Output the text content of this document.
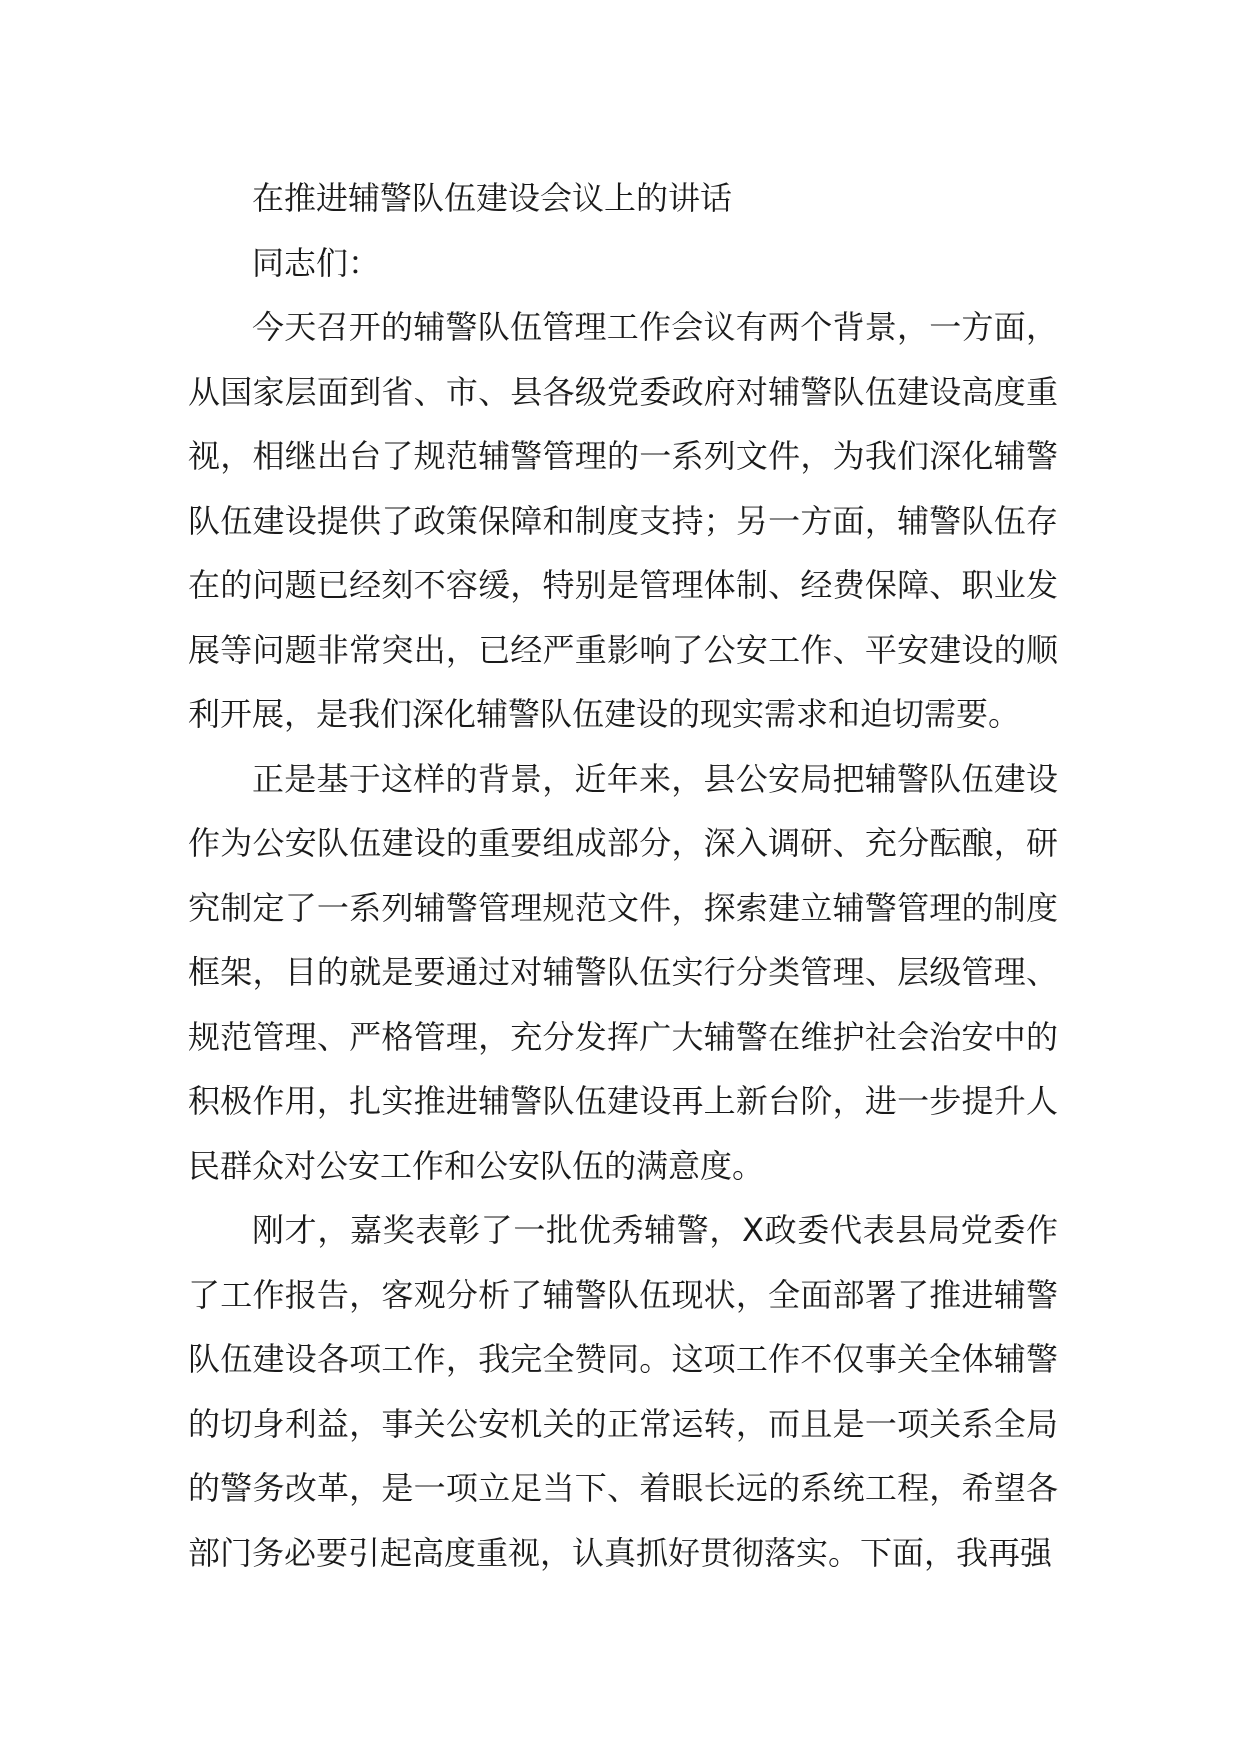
在推进辅警队伍建设会议上的讲话

同志们：

今天召开的辅警队伍管理工作会议有两个背景，一方面，从国家层面到省、市、县各级党委政府对辅警队伍建设高度重视，相继出台了规范辅警管理的一系列文件，为我们深化辅警队伍建设提供了政策保障和制度支持；另一方面，辅警队伍存在的问题已经刻不容缓，特别是管理体制、经费保障、职业发展等问题非常突出，已经严重影响了公安工作、平安建设的顺利开展，是我们深化辅警队伍建设的现实需求和迫切需要。

正是基于这样的背景，近年来，县公安局把辅警队伍建设作为公安队伍建设的重要组成部分，深入调研、充分酝酿，研究制定了一系列辅警管理规范文件，探索建立辅警管理的制度框架，目的就是要通过对辅警队伍实行分类管理、层级管理、规范管理、严格管理，充分发挥广大辅警在维护社会治安中的积极作用，扎实推进辅警队伍建设再上新台阶，进一步提升人民群众对公安工作和公安队伍的满意度。

刚才，嘉奖表彰了一批优秀辅警，X政委代表县局党委作了工作报告，客观分析了辅警队伍现状，全面部署了推进辅警队伍建设各项工作，我完全赞同。这项工作不仅事关全体辅警的切身利益，事关公安机关的正常运转，而且是一项关系全局的警务改革，是一项立足当下、着眼长远的系统工程，希望各部门务必要引起高度重视，认真抓好贯彻落实。下面，我再强
